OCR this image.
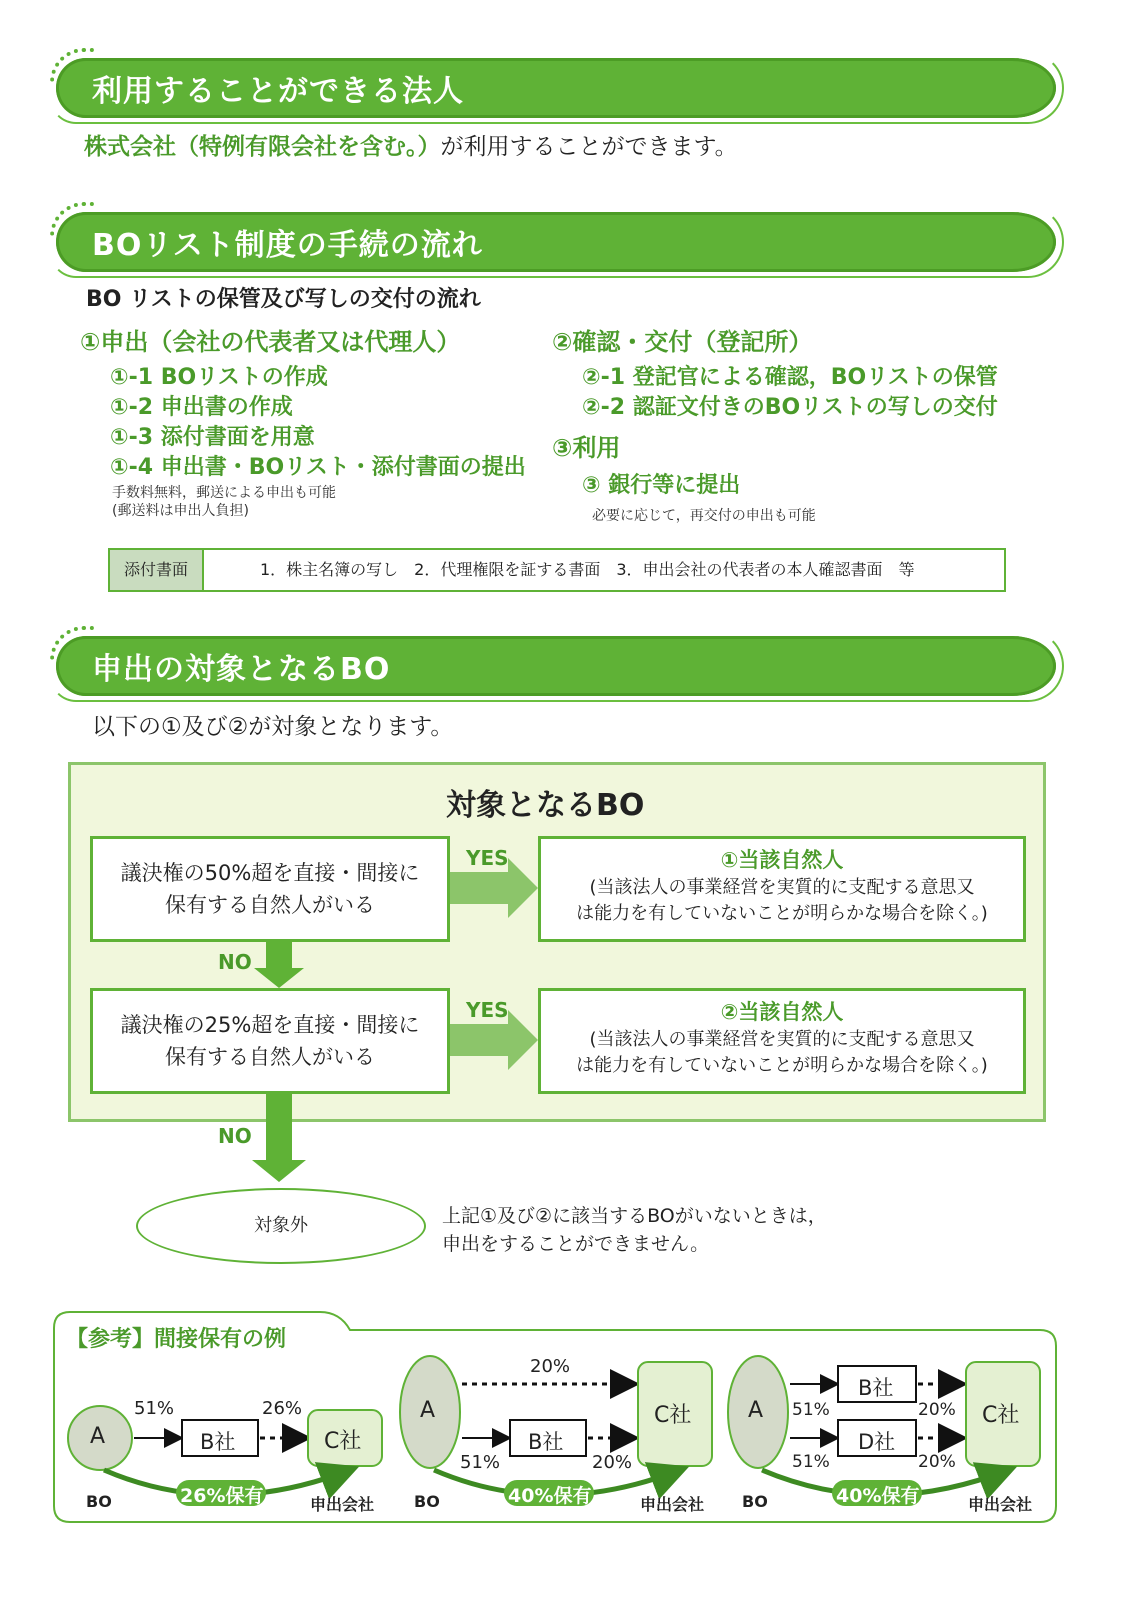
利用することができる法人
株式会社（特例有限会社を含む。）が利用することができます。
BOリスト制度の手続の流れ
BO リストの保管及び写しの交付の流れ
①申出（会社の代表者又は代理人）
①-1 BOリストの作成
①-2 申出書の作成
①-3 添付書面を用意
①-4 申出書・BOリスト・添付書面の提出
手数料無料，郵送による申出も可能
(郵送料は申出人負担)
②確認・交付（登記所）
②-1 登記官による確認，BOリストの保管
②-2 認証文付きのBOリストの写しの交付
③利用
③ 銀行等に提出
必要に応じて，再交付の申出も可能
添付書面	1．株主名簿の写し　2．代理権限を証する書面　3．申出会社の代表者の本人確認書面　等
申出の対象となるBO
以下の①及び②が対象となります。
対象となるBO
議決権の50%超を直接・間接に
保有する自然人がいる
議決権の25%超を直接・間接に
保有する自然人がいる
①当該自然人
(当該法人の事業経営を実質的に支配する意思又
は能力を有していないことが明らかな場合を除く。)
②当該自然人
(当該法人の事業経営を実質的に支配する意思又
は能力を有していないことが明らかな場合を除く。)
YES
YES
NO
NO
対象外	上記①及び②に該当するBOがいないときは，
申出をすることができません。
【参考】間接保有の例
A
51%
B社
26%
C社
26%保有
BO	申出会社
A
20%
51%
B社
20%
C社
40%保有
BO	申出会社
A
B社
51%	20%
D社
51%	20%
C社
40%保有
BO	申出会社
